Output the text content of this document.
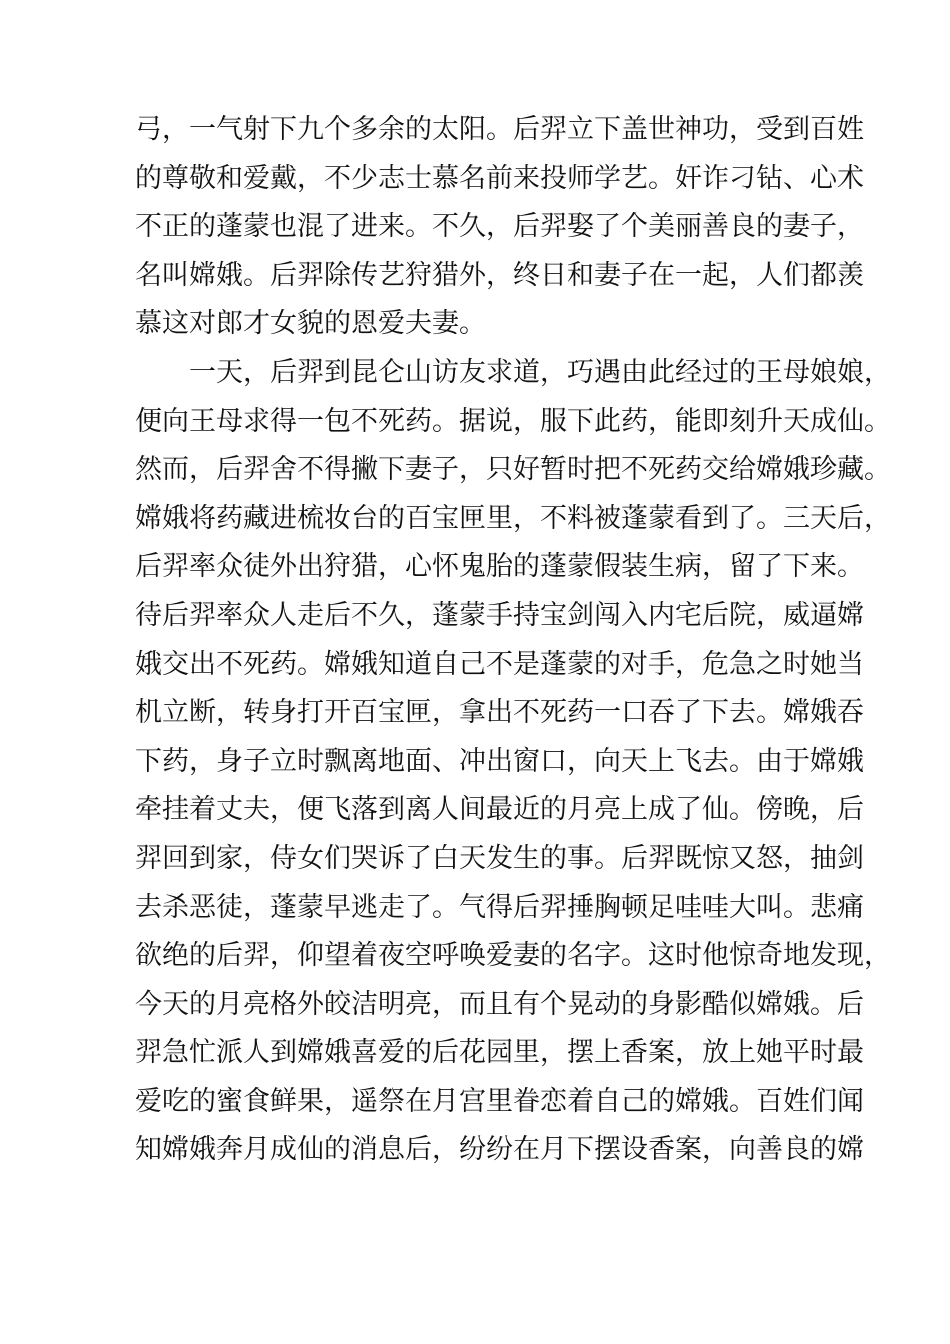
弓，一气射下九个多余的太阳。后羿立下盖世神功，受到百姓
的尊敬和爱戴，不少志士慕名前来投师学艺。奸诈刁钻、心术
不正的蓬蒙也混了进来。不久，后羿娶了个美丽善良的妻子，
名叫嫦娥。后羿除传艺狩猎外，终日和妻子在一起，人们都羡
慕这对郎才女貌的恩爱夫妻。
一天，后羿到昆仑山访友求道，巧遇由此经过的王母娘娘，
便向王母求得一包不死药。据说，服下此药，能即刻升天成仙。
然而，后羿舍不得撇下妻子，只好暂时把不死药交给嫦娥珍藏。
嫦娥将药藏进梳妆台的百宝匣里，不料被蓬蒙看到了。三天后，
后羿率众徒外出狩猎，心怀鬼胎的蓬蒙假装生病，留了下来。
待后羿率众人走后不久，蓬蒙手持宝剑闯入内宅后院，威逼嫦
娥交出不死药。嫦娥知道自己不是蓬蒙的对手，危急之时她当
机立断，转身打开百宝匣，拿出不死药一口吞了下去。嫦娥吞
下药，身子立时飘离地面、冲出窗口，向天上飞去。由于嫦娥
牵挂着丈夫，便飞落到离人间最近的月亮上成了仙。傍晚，后
羿回到家，侍女们哭诉了白天发生的事。后羿既惊又怒，抽剑
去杀恶徒，蓬蒙早逃走了。气得后羿捶胸顿足哇哇大叫。悲痛
欲绝的后羿，仰望着夜空呼唤爱妻的名字。这时他惊奇地发现，
今天的月亮格外皎洁明亮，而且有个晃动的身影酷似嫦娥。后
羿急忙派人到嫦娥喜爱的后花园里，摆上香案，放上她平时最
爱吃的蜜食鲜果，遥祭在月宫里眷恋着自己的嫦娥。百姓们闻
知嫦娥奔月成仙的消息后，纷纷在月下摆设香案，向善良的嫦
